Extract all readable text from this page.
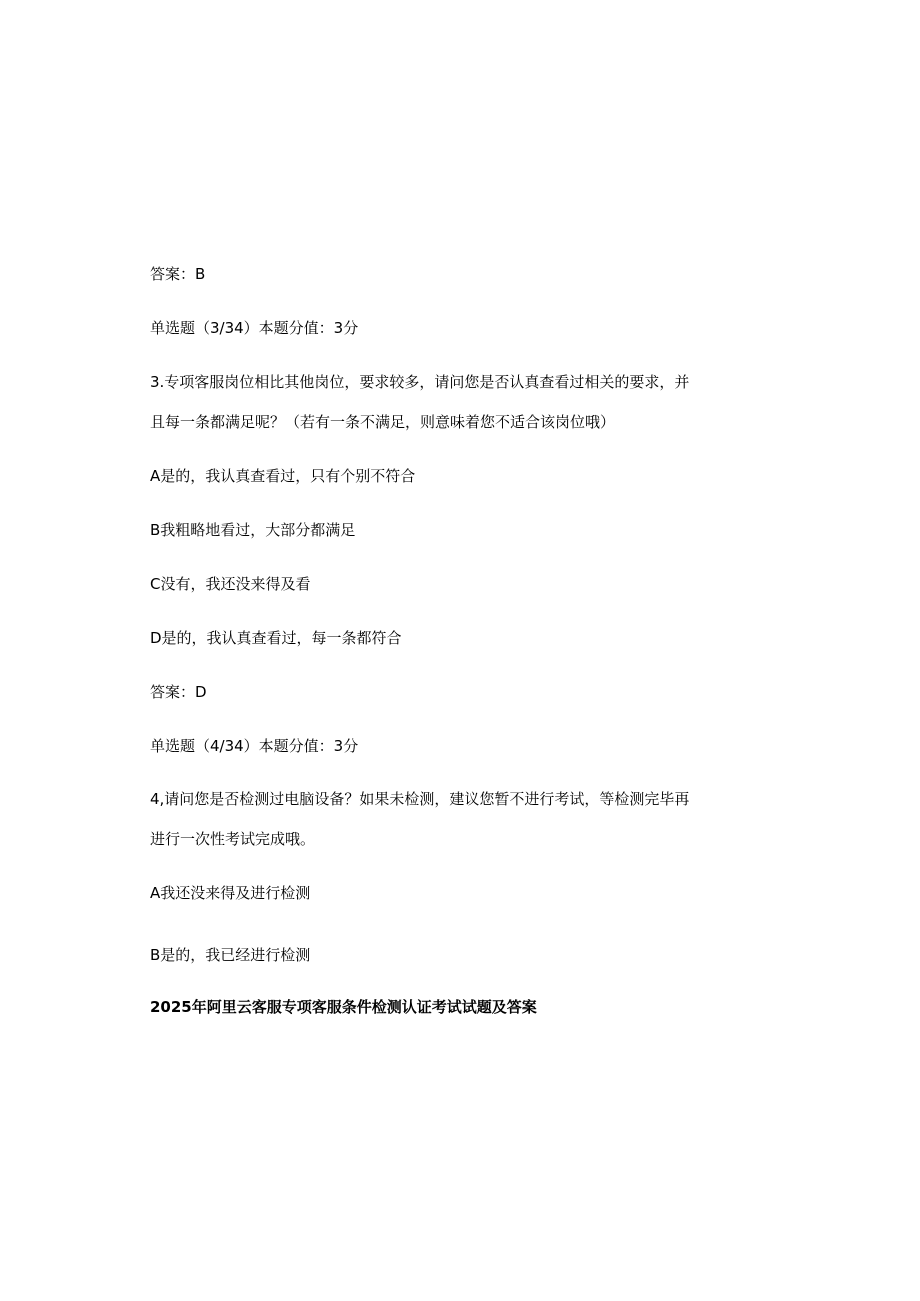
答案：B
单选题（3/34）本题分值：3分
3.专项客服岗位相比其他岗位，要求较多，请问您是否认真查看过相关的要求，并
且每一条都满足呢？（若有一条不满足，则意味着您不适合该岗位哦）
A是的，我认真查看过，只有个别不符合
B我粗略地看过，大部分都满足
C没有，我还没来得及看
D是的，我认真查看过，每一条都符合
答案：D
单选题（4/34）本题分值：3分
4,请问您是否检测过电脑设备？如果未检测，建议您暂不进行考试，等检测完毕再
进行一次性考试完成哦。
A我还没来得及进行检测
B是的，我已经进行检测
2025年阿里云客服专项客服条件检测认证考试试题及答案
